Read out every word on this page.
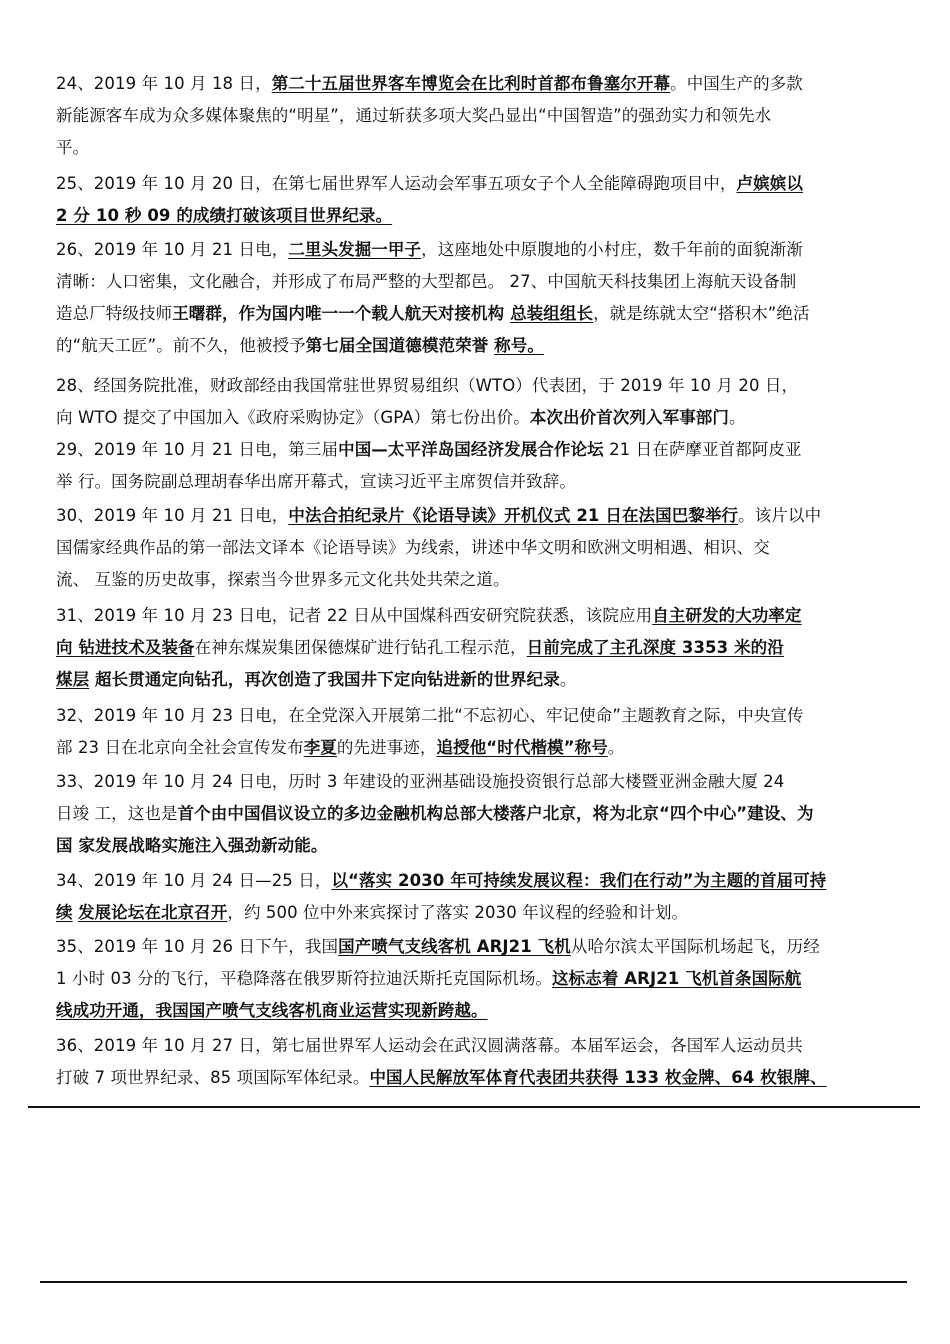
24、2019 年 10 月 18 日，第二十五届世界客车博览会在比利时首都布鲁塞尔开幕。中国生产的多款
新能源客车成为众多媒体聚焦的“明星”，通过斩获多项大奖凸显出“中国智造”的强劲实力和领先水
平。
25、2019 年 10 月 20 日，在第七届世界军人运动会军事五项女子个人全能障碍跑项目中，卢嫔嫔以
2 分 10 秒 09 的成绩打破该项目世界纪录。
26、2019 年 10 月 21 日电，二里头发掘一甲子，这座地处中原腹地的小村庄，数千年前的面貌渐渐
清晰：人口密集，文化融合，并形成了布局严整的大型都邑。 27、中国航天科技集团上海航天设备制
造总厂特级技师王曙群，作为国内唯一一个载人航天对接机构 总装组组长，就是练就太空“搭积木”绝活
的“航天工匠”。前不久，他被授予第七届全国道德模范荣誉 称号。
28、经国务院批准，财政部经由我国常驻世界贸易组织（WTO）代表团，于 2019 年 10 月 20 日，
向 WTO 提交了中国加入《政府采购协定》（GPA）第七份出价。本次出价首次列入军事部门。
29、2019 年 10 月 21 日电，第三届中国—太平洋岛国经济发展合作论坛 21 日在萨摩亚首都阿皮亚
举 行。国务院副总理胡春华出席开幕式，宣读习近平主席贺信并致辞。
30、2019 年 10 月 21 日电，中法合拍纪录片《论语导读》开机仪式 21 日在法国巴黎举行。该片以中
国儒家经典作品的第一部法文译本《论语导读》为线索，讲述中华文明和欧洲文明相遇、相识、交
流、 互鉴的历史故事，探索当今世界多元文化共处共荣之道。
31、2019 年 10 月 23 日电，记者 22 日从中国煤科西安研究院获悉，该院应用自主研发的大功率定
向 钻进技术及装备在神东煤炭集团保德煤矿进行钻孔工程示范，日前完成了主孔深度 3353 米的沿
煤层 超长贯通定向钻孔，再次创造了我国井下定向钻进新的世界纪录。
32、2019 年 10 月 23 日电，在全党深入开展第二批“不忘初心、牢记使命”主题教育之际，中央宣传
部 23 日在北京向全社会宣传发布李夏的先进事迹，追授他“时代楷模”称号。
33、2019 年 10 月 24 日电，历时 3 年建设的亚洲基础设施投资银行总部大楼暨亚洲金融大厦 24
日竣 工，这也是首个由中国倡议设立的多边金融机构总部大楼落户北京，将为北京“四个中心”建设、为
国 家发展战略实施注入强劲新动能。
34、2019 年 10 月 24 日—25 日，以“落实 2030 年可持续发展议程：我们在行动”为主题的首届可持
续 发展论坛在北京召开，约 500 位中外来宾探讨了落实 2030 年议程的经验和计划。
35、2019 年 10 月 26 日下午，我国国产喷气支线客机 ARJ21 飞机从哈尔滨太平国际机场起飞，历经
1 小时 03 分的飞行，平稳降落在俄罗斯符拉迪沃斯托克国际机场。这标志着 ARJ21 飞机首条国际航
线成功开通，我国国产喷气支线客机商业运营实现新跨越。
36、2019 年 10 月 27 日，第七届世界军人运动会在武汉圆满落幕。本届军运会，各国军人运动员共
打破 7 项世界纪录、85 项国际军体纪录。中国人民解放军体育代表团共获得 133 枚金牌、64 枚银牌、
